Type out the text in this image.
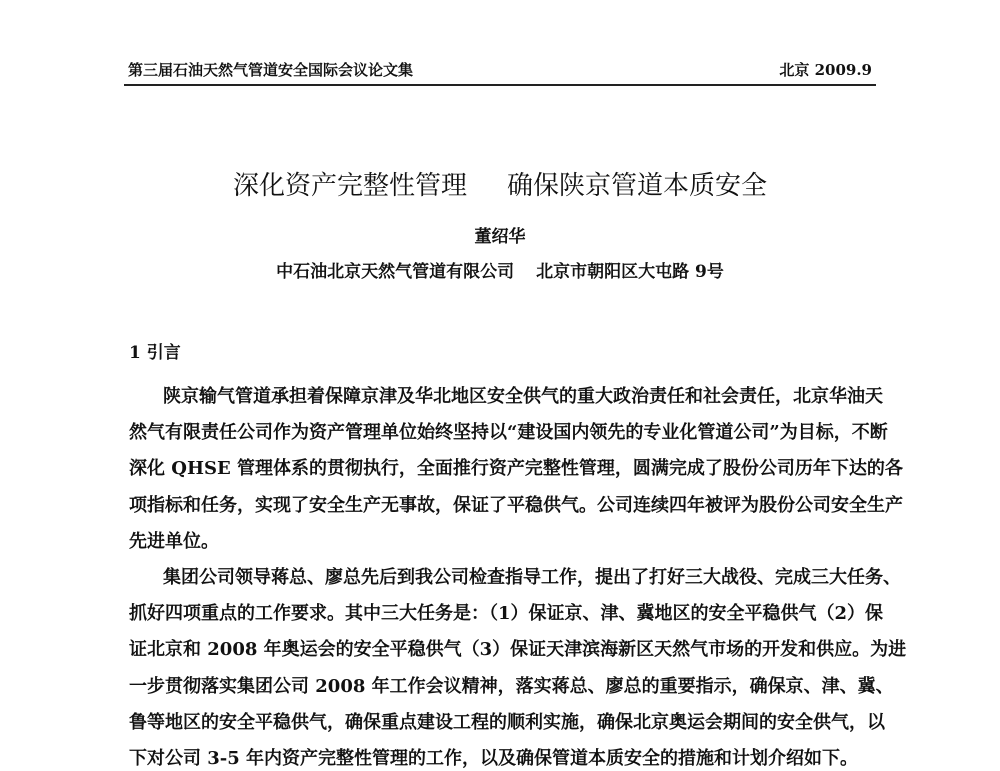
第三届石油天然气管道安全国际会议论文集	北京 2009.9
深化资产完整性管理 确保陕京管道本质安全
董绍华
中石油北京天然气管道有限公司 北京市朝阳区大屯路 9号
1 引言
陕京输气管道承担着保障京津及华北地区安全供气的重大政治责任和社会责任，北京华油天
然气有限责任公司作为资产管理单位始终坚持以“建设国内领先的专业化管道公司”为目标，不断
深化 QHSE 管理体系的贯彻执行，全面推行资产完整性管理，圆满完成了股份公司历年下达的各
项指标和任务，实现了安全生产无事故，保证了平稳供气。公司连续四年被评为股份公司安全生产
先进单位。
集团公司领导蒋总、廖总先后到我公司检查指导工作，提出了打好三大战役、完成三大任务、
抓好四项重点的工作要求。其中三大任务是：（1）保证京、津、冀地区的安全平稳供气（2）保
证北京和 2008 年奥运会的安全平稳供气（3）保证天津滨海新区天然气市场的开发和供应。为进
一步贯彻落实集团公司 2008 年工作会议精神，落实蒋总、廖总的重要指示，确保京、津、冀、
鲁等地区的安全平稳供气，确保重点建设工程的顺利实施，确保北京奥运会期间的安全供气，以
下对公司 3-5 年内资产完整性管理的工作，以及确保管道本质安全的措施和计划介绍如下。
